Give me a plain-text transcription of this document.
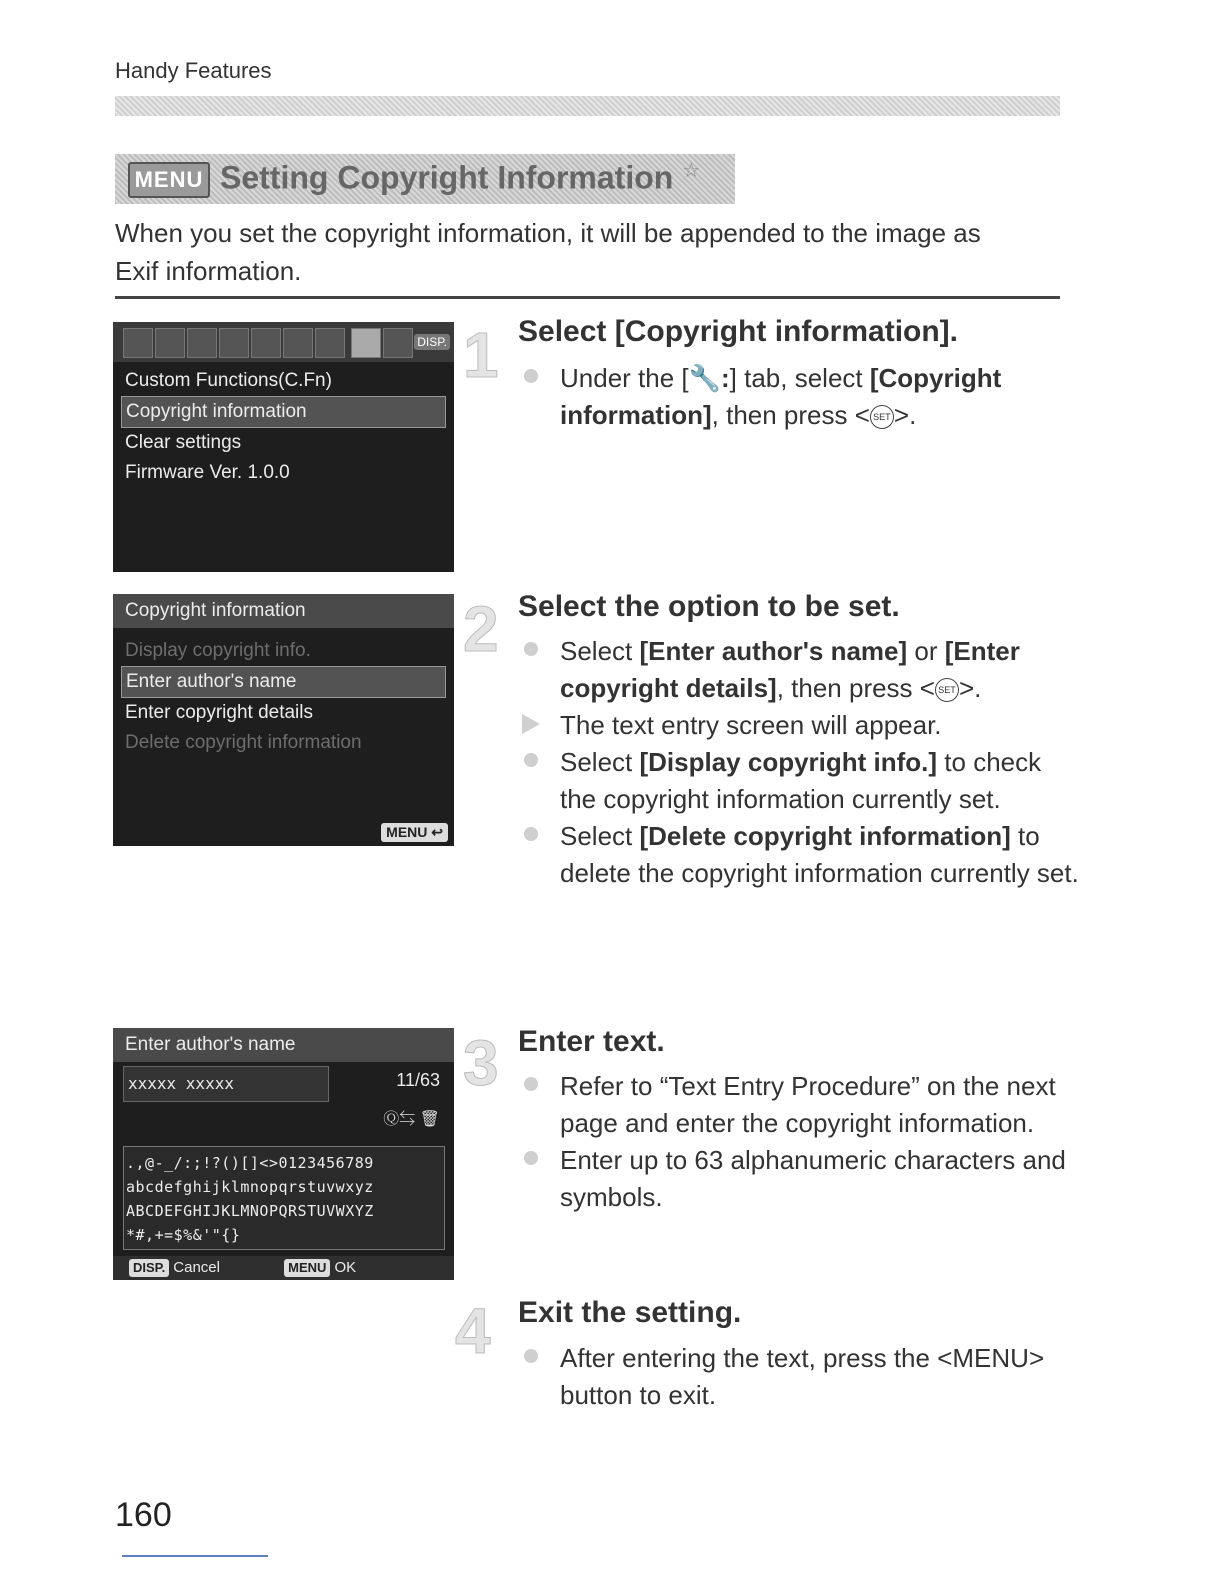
Handy Features
MENU Setting Copyright Information ☆
When you set the copyright information, it will be appended to the image as Exif information.
DISP.
Custom Functions(C.Fn)
Copyright information
Clear settings
Firmware Ver. 1.0.0
Copyright information
Display copyright info.
Enter author's name
Enter copyright details
Delete copyright information
MENU ↩
Enter author's name
xxxxx xxxxx	11/63
Ⓠ⇆ 🗑
.,@-_/:;!?()[]<>0123456789
abcdefghijklmnopqrstuvwxyz
ABCDEFGHIJKLMNOPQRSTUVWXYZ
*#,+=$%&'"{}
DISP. Cancel	MENU OK
1 Select [Copyright information].
Under the [🔧:] tab, select [Copyright information], then press < SET >.
2 Select the option to be set.
Select [Enter author's name] or [Enter copyright details], then press < SET >.
The text entry screen will appear.
Select [Display copyright info.] to check the copyright information currently set.
Select [Delete copyright information] to delete the copyright information currently set.
3 Enter text.
Refer to “Text Entry Procedure” on the next page and enter the copyright information.
Enter up to 63 alphanumeric characters and symbols.
4 Exit the setting.
After entering the text, press the <MENU> button to exit.
160
